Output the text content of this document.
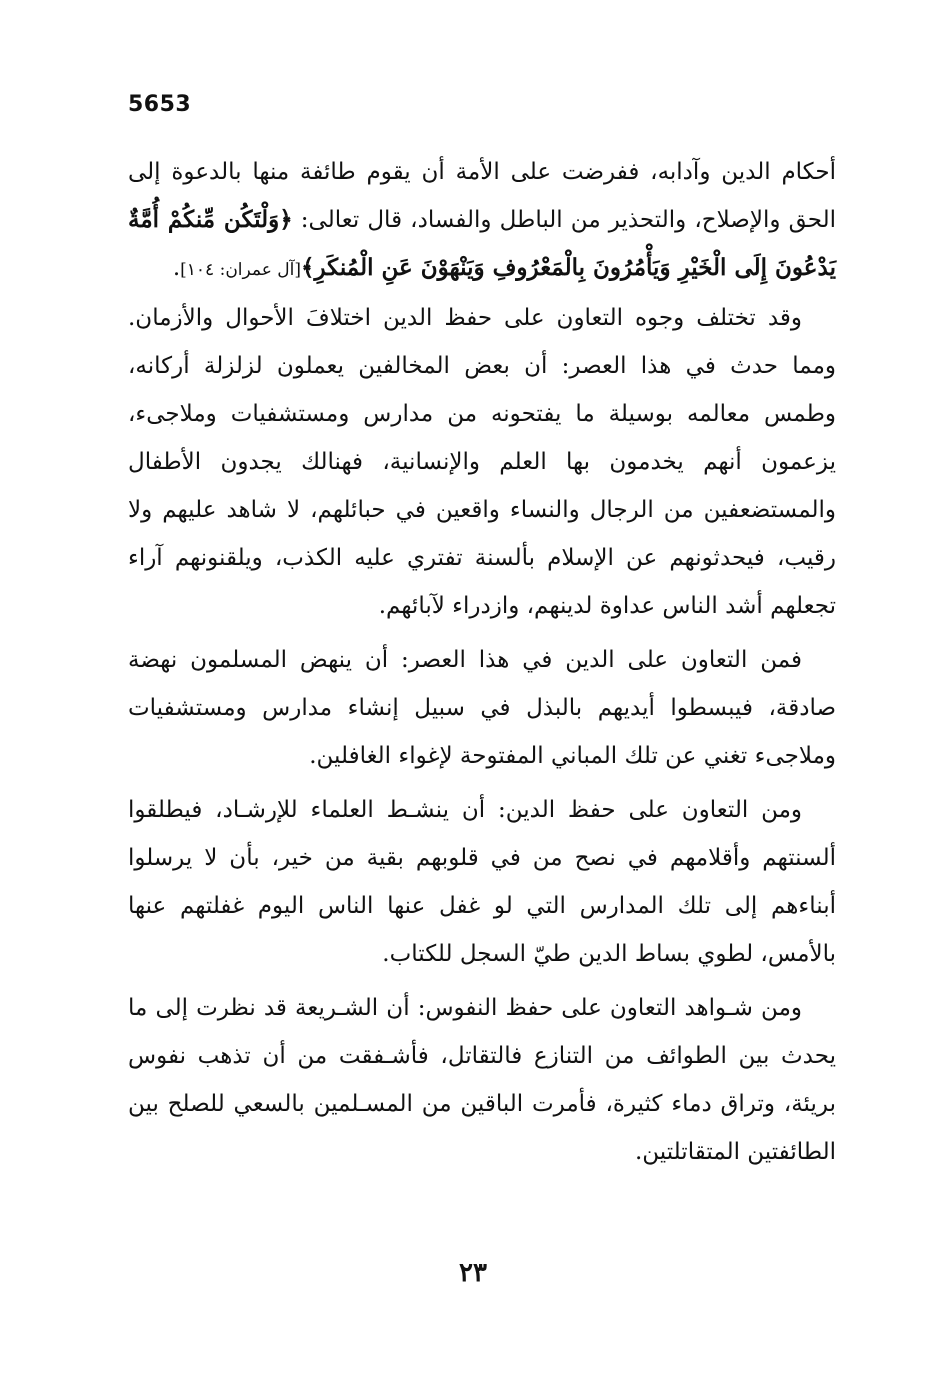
5653

أحكام الدين وآدابه، ففرضت على الأمة أن يقوم طائفة منها بالدعوة إلى الحق والإصلاح، والتحذير من الباطل والفساد، قال تعالى: ﴿وَلْتَكُن مِّنكُمْ أُمَّةٌ يَدْعُونَ إِلَى الْخَيْرِ وَيَأْمُرُونَ بِالْمَعْرُوفِ وَيَنْهَوْنَ عَنِ الْمُنكَرِ﴾[آل عمران: ١٠٤].

وقد تختلف وجوه التعاون على حفظ الدين اختلافَ الأحوال والأزمان. ومما حدث في هذا العصر: أن بعض المخالفين يعملون لزلزلة أركانه، وطمس معالمه بوسيلة ما يفتحونه من مدارس ومستشفيات وملاجىء، يزعمون أنهم يخدمون بها العلم والإنسانية، فهنالك يجدون الأطفال والمستضعفين من الرجال والنساء واقعين في حبائلهم، لا شاهد عليهم ولا رقيب، فيحدثونهم عن الإسلام بألسنة تفتري عليه الكذب، ويلقنونهم آراء تجعلهم أشد الناس عداوة لدينهم، وازدراء لآبائهم.

فمن التعاون على الدين في هذا العصر: أن ينهض المسلمون نهضة صادقة، فيبسطوا أيديهم بالبذل في سبيل إنشاء مدارس ومستشفيات وملاجىء تغني عن تلك المباني المفتوحة لإغواء الغافلين.

ومن التعاون على حفظ الدين: أن ينشـط العلماء للإرشـاد، فيطلقوا ألسنتهم وأقلامهم في نصح من في قلوبهم بقية من خير، بأن لا يرسلوا أبناءهم إلى تلك المدارس التي لو غفل عنها الناس اليوم غفلتهم عنها بالأمس، لطوي بساط الدين طيّ السجل للكتاب.

ومن شـواهد التعاون على حفظ النفوس: أن الشـريعة قد نظرت إلى ما يحدث بين الطوائف من التنازع فالتقاتل، فأشـفقت من أن تذهب نفوس بريئة، وتراق دماء كثيرة، فأمرت الباقين من المسـلمين بالسعي للصلح بين الطائفتين المتقاتلتين.

٢٣
